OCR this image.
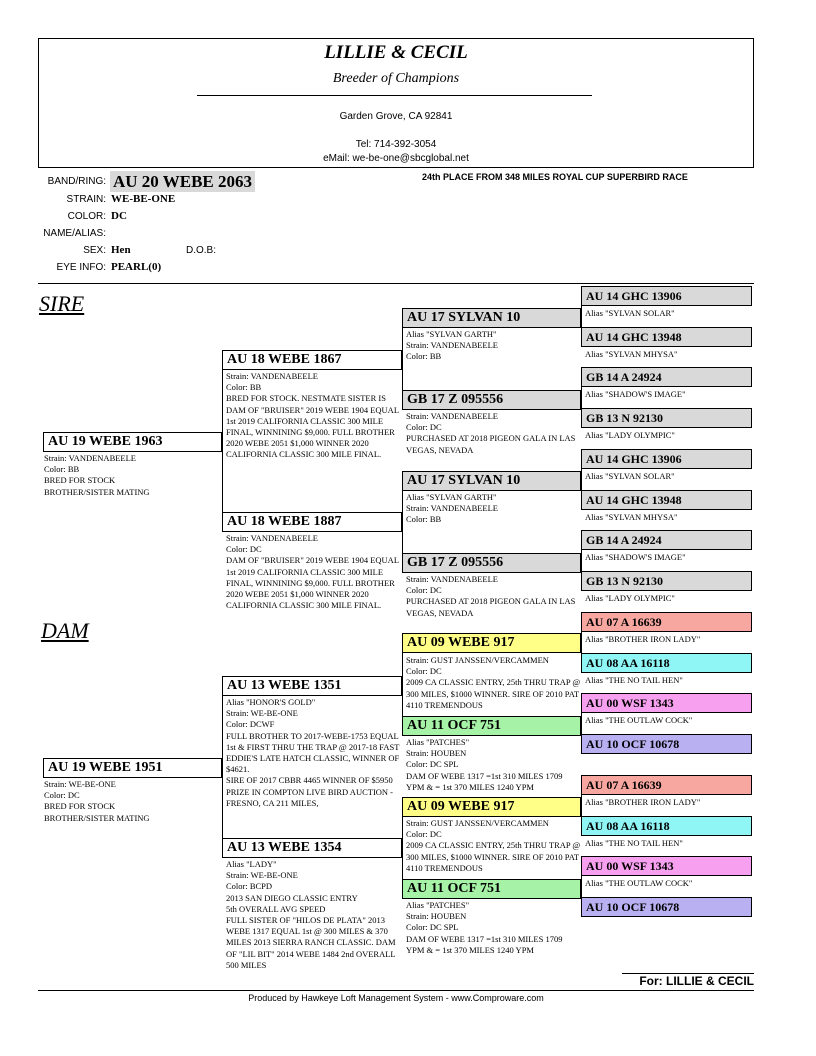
LILLIE & CECIL
Breeder of Champions
Garden Grove, CA 92841
Tel: 714-392-3054
eMail: we-be-one@sbcglobal.net
BAND/RING: AU 20 WEBE 2063	24th PLACE FROM 348 MILES ROYAL CUP SUPERBIRD RACE
STRAIN: WE-BE-ONE
COLOR: DC
NAME/ALIAS:
SEX: Hen	D.O.B:
EYE INFO: PEARL(0)
SIRE
DAM
AU 19 WEBE 1963
Strain: VANDENABEELE
Color: BB
BRED FOR STOCK
BROTHER/SISTER MATING
AU 19 WEBE 1951
Strain: WE-BE-ONE
Color: DC
BRED FOR STOCK
BROTHER/SISTER MATING
AU 18 WEBE 1867
Strain: VANDENABEELE
Color: BB
BRED FOR STOCK. NESTMATE SISTER IS DAM OF "BRUISER" 2019 WEBE 1904 EQUAL 1st 2019 CALIFORNIA CLASSIC 300 MILE FINAL, WINNINING $9,000. FULL BROTHER 2020 WEBE 2051 $1,000 WINNER 2020 CALIFORNIA CLASSIC 300 MILE FINAL.
AU 18 WEBE 1887
Strain: VANDENABEELE
Color: DC
DAM OF "BRUISER" 2019 WEBE 1904 EQUAL 1st 2019 CALIFORNIA CLASSIC 300 MILE FINAL, WINNINING $9,000. FULL BROTHER 2020 WEBE 2051 $1,000 WINNER 2020 CALIFORNIA CLASSIC 300 MILE FINAL.
AU 13 WEBE 1351
Alias "HONOR'S GOLD"
Strain: WE-BE-ONE
Color: DCWF
FULL BROTHER TO 2017-WEBE-1753 EQUAL 1st & FIRST THRU THE TRAP @ 2017-18 FAST EDDIE'S LATE HATCH CLASSIC, WINNER OF $4621.
SIRE OF 2017 CBBR 4465 WINNER OF $5950 PRIZE IN COMPTON LIVE BIRD AUCTION - FRESNO, CA 211 MILES,
AU 13 WEBE 1354
Alias "LADY"
Strain: WE-BE-ONE
Color: BCPD
2013 SAN DIEGO CLASSIC ENTRY
5th OVERALL AVG SPEED
FULL SISTER OF "HILOS DE PLATA" 2013 WEBE 1317 EQUAL 1st @ 300 MILES & 370 MILES 2013 SIERRA RANCH CLASSIC. DAM OF "LIL BIT" 2014 WEBE 1484 2nd OVERALL 500 MILES
AU 17 SYLVAN 10
Alias "SYLVAN GARTH"
Strain: VANDENABEELE
Color: BB
GB 17 Z 095556
Strain: VANDENABEELE
Color: DC
PURCHASED AT 2018 PIGEON GALA IN LAS VEGAS, NEVADA
AU 17 SYLVAN 10
Alias "SYLVAN GARTH"
Strain: VANDENABEELE
Color: BB
GB 17 Z 095556
Strain: VANDENABEELE
Color: DC
PURCHASED AT 2018 PIGEON GALA IN LAS VEGAS, NEVADA
AU 09 WEBE 917
Strain: GUST JANSSEN/VERCAMMEN
Color: DC
2009 CA CLASSIC ENTRY, 25th THRU TRAP @ 300 MILES, $1000 WINNER. SIRE OF 2010 PAT 4110 TREMENDOUS
AU 11 OCF 751
Alias "PATCHES"
Strain: HOUBEN
Color: DC SPL
DAM OF WEBE 1317 =1st 310 MILES 1709 YPM & = 1st 370 MILES 1240 YPM
AU 09 WEBE 917
Strain: GUST JANSSEN/VERCAMMEN
Color: DC
2009 CA CLASSIC ENTRY, 25th THRU TRAP @ 300 MILES, $1000 WINNER. SIRE OF 2010 PAT 4110 TREMENDOUS
AU 11 OCF 751
Alias "PATCHES"
Strain: HOUBEN
Color: DC SPL
DAM OF WEBE 1317 =1st 310 MILES 1709 YPM & = 1st 370 MILES 1240 YPM
AU 14 GHC 13906
Alias "SYLVAN SOLAR"
AU 14 GHC 13948
Alias "SYLVAN MHYSA"
GB 14 A 24924
Alias "SHADOW'S IMAGE"
GB 13 N 92130
Alias "LADY OLYMPIC"
AU 14 GHC 13906
Alias "SYLVAN SOLAR"
AU 14 GHC 13948
Alias "SYLVAN MHYSA"
GB 14 A 24924
Alias "SHADOW'S IMAGE"
GB 13 N 92130
Alias "LADY OLYMPIC"
AU 07 A 16639
Alias "BROTHER IRON LADY"
AU 08 AA 16118
Alias "THE NO TAIL HEN"
AU 00 WSF 1343
Alias "THE OUTLAW COCK"
AU 10 OCF 10678
AU 07 A 16639
Alias "BROTHER IRON LADY"
AU 08 AA 16118
Alias "THE NO TAIL HEN"
AU 00 WSF 1343
Alias "THE OUTLAW COCK"
AU 10 OCF 10678
For: LILLIE & CECIL
Produced by Hawkeye Loft Management System - www.Comproware.com
